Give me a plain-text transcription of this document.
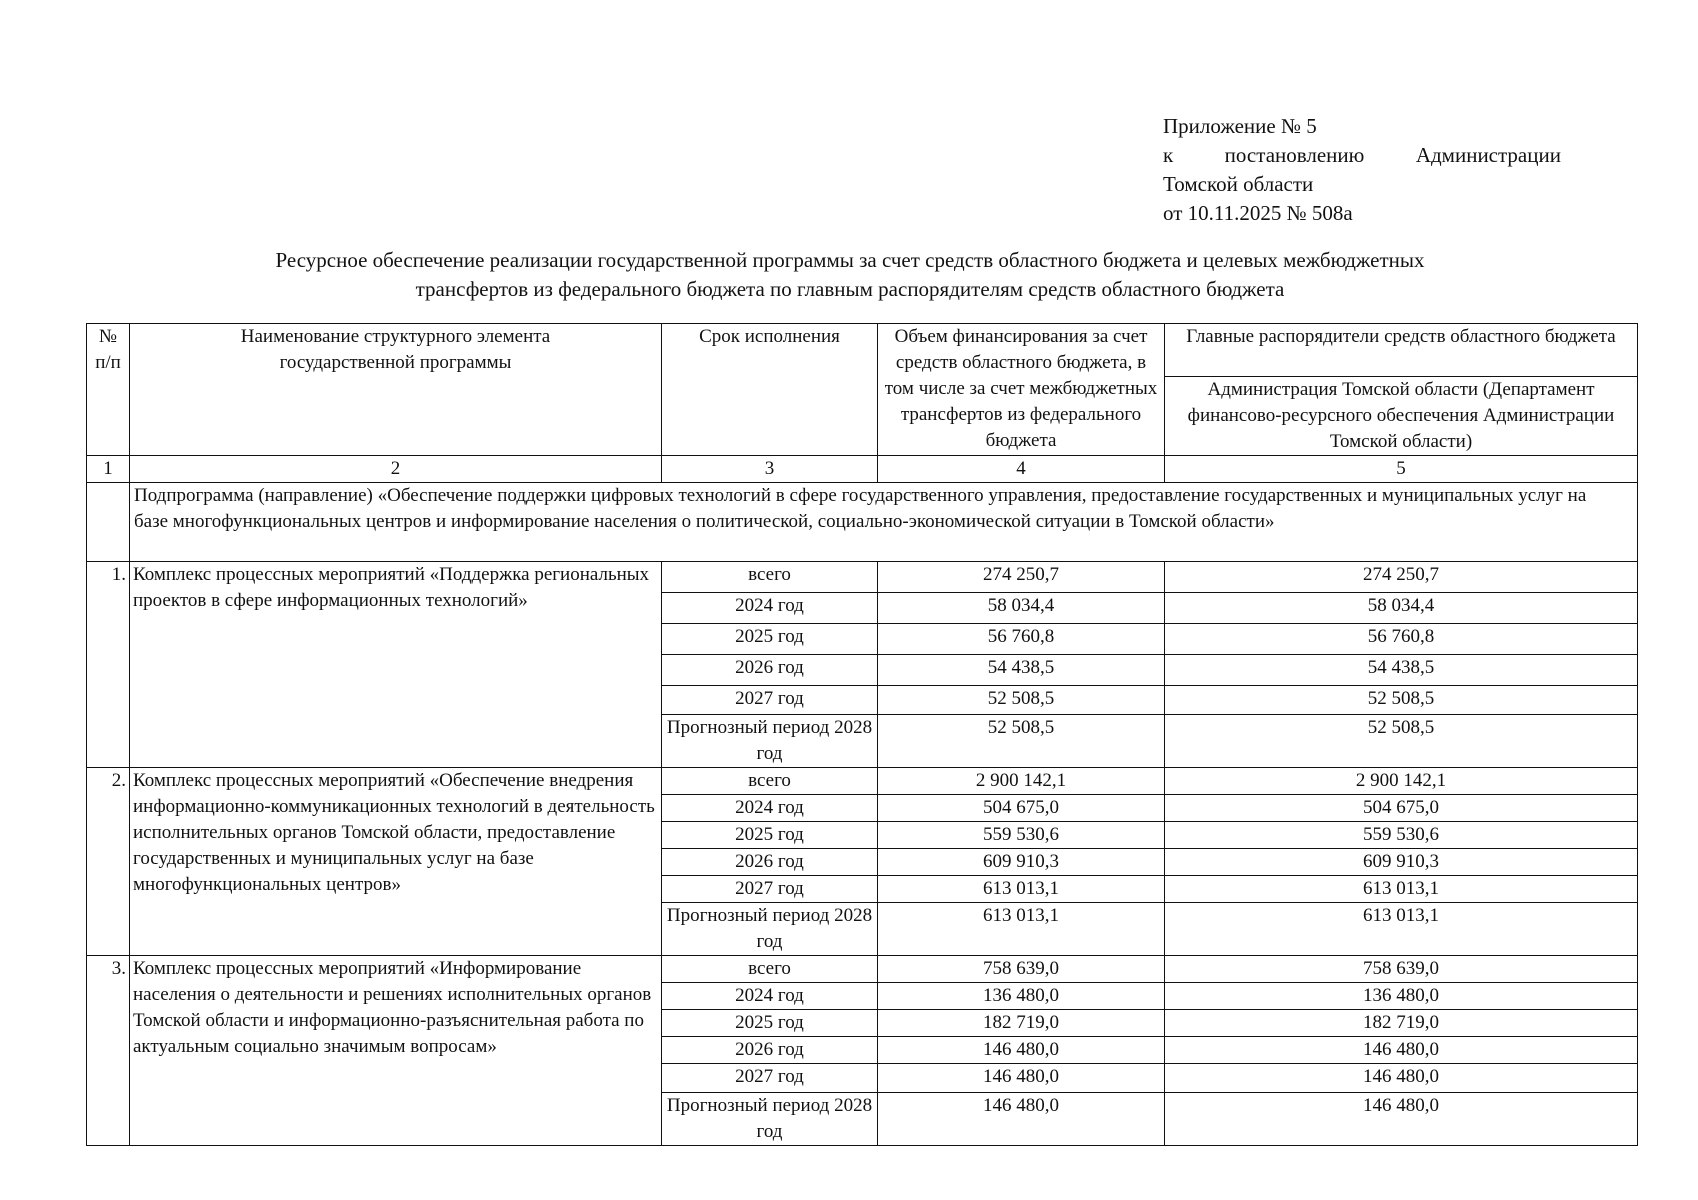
Приложение № 5
к постановлению Администрации
Томской области
от 10.11.2025 № 508а
Ресурсное обеспечение реализации государственной программы за счет средств областного бюджета и целевых межбюджетных
трансфертов из федерального бюджета по главным распорядителям средств областного бюджета
№ п/п	Наименование структурного элемента государственной программы	Срок исполнения	Объем финансирования за счет средств областного бюджета, в том числе за счет межбюджетных трансфертов из федерального бюджета	Главные распорядители средств областного бюджета
				Администрация Томской области (Департамент финансово-ресурсного обеспечения Администрации Томской области)
1	2	3	4	5

	Подпрограмма (направление) «Обеспечение поддержки цифровых технологий в сфере государственного управления, предоставление государственных и муниципальных услуг на базе многофункциональных центров и информирование населения о политической, социально-экономической ситуации в Томской области»			

1.	Комплекс процессных мероприятий «Поддержка региональных проектов в сфере информационных технологий»	всего	274 250,7	274 250,7
		2024 год	58 034,4	58 034,4
		2025 год	56 760,8	56 760,8
		2026 год	54 438,5	54 438,5
		2027 год	52 508,5	52 508,5
		Прогнозный период 2028 год	52 508,5	52 508,5
2.	Комплекс процессных мероприятий «Обеспечение внедрения информационно-коммуникационных технологий в деятельность исполнительных органов Томской области, предоставление государственных и муниципальных услуг на базе многофункциональных центров»	всего	2 900 142,1	2 900 142,1
		2024 год	504 675,0	504 675,0
		2025 год	559 530,6	559 530,6
		2026 год	609 910,3	609 910,3
		2027 год	613 013,1	613 013,1
		Прогнозный период 2028 год	613 013,1	613 013,1
3.	Комплекс процессных мероприятий «Информирование населения о деятельности и решениях исполнительных органов Томской области и информационно-разъяснительная работа по актуальным социально значимым вопросам»	всего	758 639,0	758 639,0
		2024 год	136 480,0	136 480,0
		2025 год	182 719,0	182 719,0
		2026 год	146 480,0	146 480,0
		2027 год	146 480,0	146 480,0
		Прогнозный период 2028 год	146 480,0	146 480,0
